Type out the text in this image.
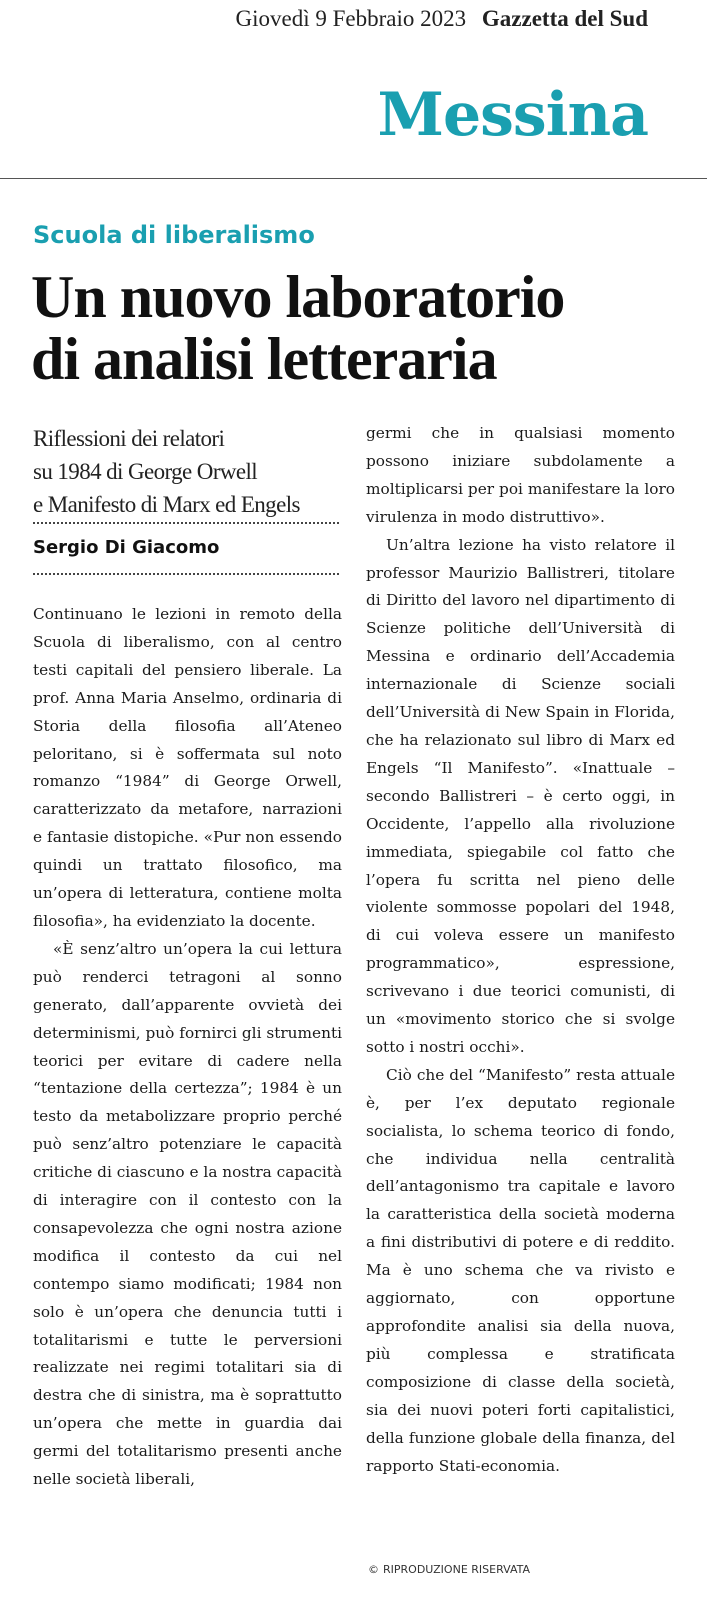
Giovedì 9 Febbraio 2023 Gazzetta del Sud
Messina
Scuola di liberalismo
Un nuovo laboratorio
di analisi letteraria
Riflessioni dei relatori
su 1984 di George Orwell
e Manifesto di Marx ed Engels
Sergio Di Giacomo

Continuano le lezioni in remoto della Scuola di liberalismo, con al centro testi capitali del pensiero liberale. La prof. Anna Maria Anselmo, ordinaria di Storia della filosofia all’Ateneo peloritano, si è soffermata sul noto romanzo “1984” di George Orwell, caratterizzato da metafore, narrazioni e fantasie distopiche. «Pur non essendo quindi un trattato filosofico, ma un’opera di letteratura, contiene molta filosofia», ha evidenziato la docente.

«È senz’altro un’opera la cui lettura può renderci tetragoni al sonno generato, dall’apparente ovvietà dei determinismi, può fornirci gli strumenti teorici per evitare di cadere nella “tentazione della certezza”; 1984 è un testo da metabolizzare proprio perché può senz’altro potenziare le capacità critiche di ciascuno e la nostra capacità di interagire con il contesto con la consapevolezza che ogni nostra azione modifica il contesto da cui nel contempo siamo modificati; 1984 non solo è un’opera che denuncia tutti i totalitarismi e tutte le perversioni realizzate nei regimi totalitari sia di destra che di sinistra, ma è soprattutto un’opera che mette in guardia dai germi del totalitarismo presenti anche nelle società liberali,

germi che in qualsiasi momento possono iniziare subdolamente a moltiplicarsi per poi manifestare la loro virulenza in modo distruttivo».

Un’altra lezione ha visto relatore il professor Maurizio Ballistreri, titolare di Diritto del lavoro nel dipartimento di Scienze politiche dell’Università di Messina e ordinario dell’Accademia internazionale di Scienze sociali dell’Università di New Spain in Florida, che ha relazionato sul libro di Marx ed Engels “Il Manifesto”. «Inattuale – secondo Ballistreri – è certo oggi, in Occidente, l’appello alla rivoluzione immediata, spiegabile col fatto che l’opera fu scritta nel pieno delle violente sommosse popolari del 1948, di cui voleva essere un manifesto programmatico», espressione, scrivevano i due teorici comunisti, di un «movimento storico che si svolge sotto i nostri occhi».

Ciò che del “Manifesto” resta attuale è, per l’ex deputato regionale socialista, lo schema teorico di fondo, che individua nella centralità dell’antagonismo tra capitale e lavoro la caratteristica della società moderna a fini distributivi di potere e di reddito. Ma è uno schema che va rivisto e aggiornato, con opportune approfondite analisi sia della nuova, più complessa e stratificata composizione di classe della società, sia dei nuovi poteri forti capitalistici, della funzione globale della finanza, del rapporto Stati-economia.

© RIPRODUZIONE RISERVATA
